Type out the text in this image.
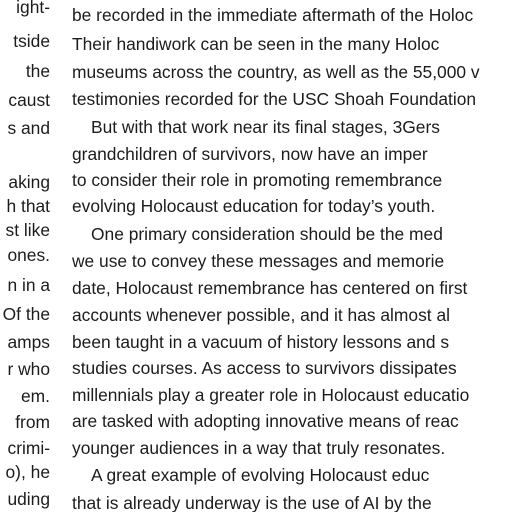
ight-
tside
the
caust
s and
aking
h that
st like
ones.
n in a
Of the
amps
r who
em.
from
crimi-
o), he
uding
be recorded in the immediate aftermath of the Holoc
Their handiwork can be seen in the many Holoc
museums across the country, as well as the 55,000 v
testimonies recorded for the USC Shoah Foundation
But with that work near its final stages, 3Gers
grandchildren of survivors, now have an imper
to consider their role in promoting remembrance
evolving Holocaust education for today’s youth.
One primary consideration should be the med
we use to convey these messages and memorie
date, Holocaust remembrance has centered on first
accounts whenever possible, and it has almost al
been taught in a vacuum of history lessons and s
studies courses. As access to survivors dissipates
millennials play a greater role in Holocaust educatio
are tasked with adopting innovative means of reac
younger audiences in a way that truly resonates.
A great example of evolving Holocaust educ
that is already underway is the use of AI by the
